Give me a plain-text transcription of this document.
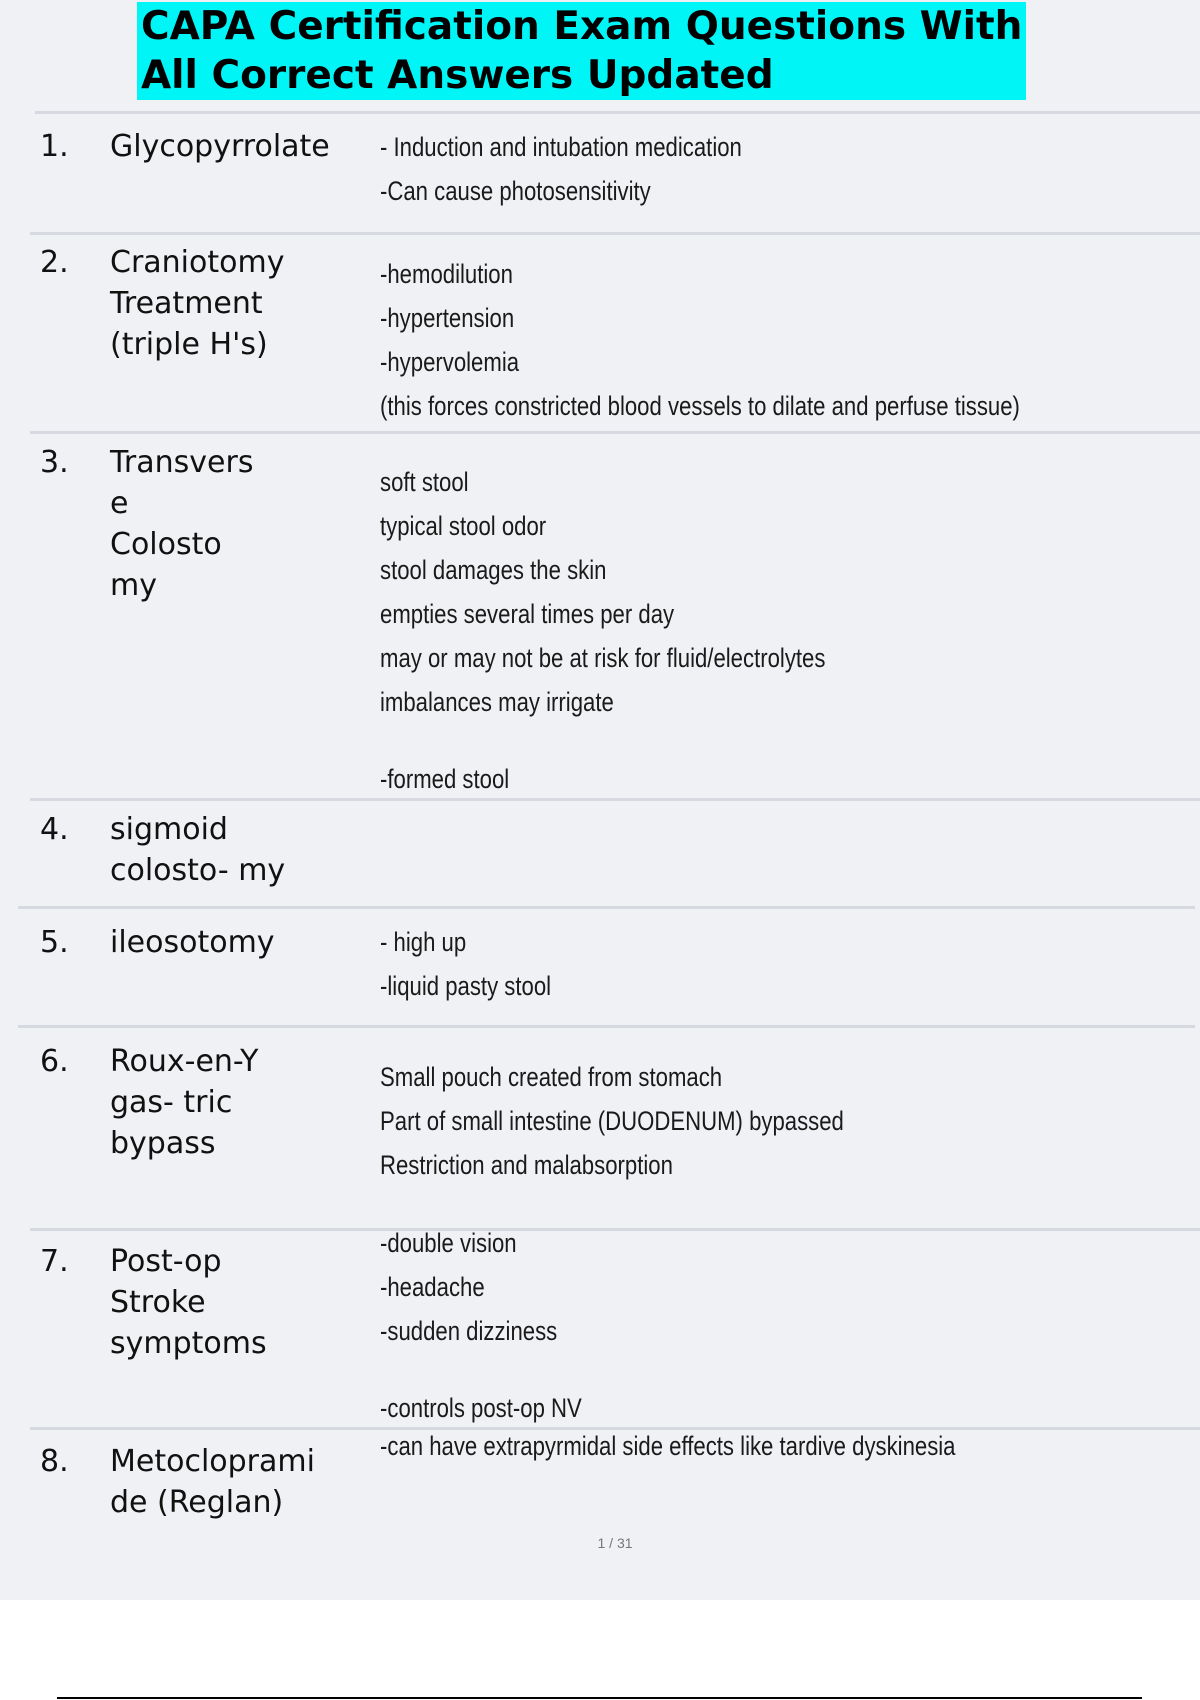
CAPA Certification Exam Questions With
All Correct Answers Updated
1. Glycopyrrolate	- Induction and intubation medication
-Can cause photosensitivity
2. Craniotomy
Treatment
(triple H's)
-hemodilution
-hypertension
-hypervolemia
(this forces constricted blood vessels to dilate and perfuse tissue)
3. Transvers
e
Colosto
my
soft stool
typical stool odor
stool damages the skin
empties several times per day
may or may not be at risk for fluid/electrolytes
imbalances may irrigate
-formed stool
4. sigmoid
colosto- my
5. ileosotomy	- high up
-liquid pasty stool
6. Roux-en-Y
gas- tric
bypass
Small pouch created from stomach
Part of small intestine (DUODENUM) bypassed
Restriction and malabsorption
7. Post-op
Stroke
symptoms
-double vision
-headache
-sudden dizziness
-controls post-op NV
8. Metocloprami
de (Reglan)
-can have extrapyrmidal side effects like tardive dyskinesia
1 / 31
